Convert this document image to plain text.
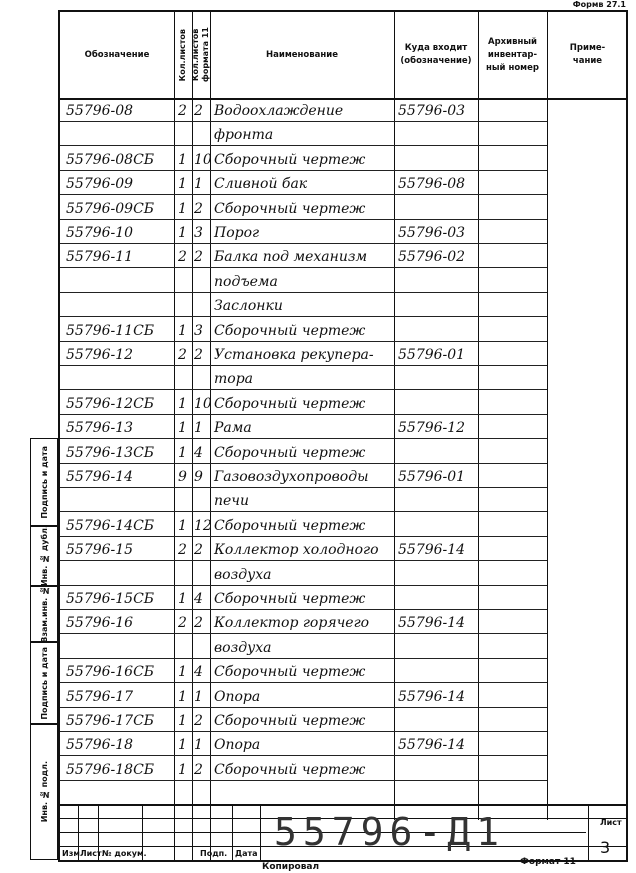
Формв 27.1
Подпись и дата
Инв. № дубл.
Взам.инв. №
Подпись и дата
Инв. № подл.
Обозначение	Кол.листов Кол.листов
формата 11
Наименование
Куда входит
(обозначение)
Архивный
инвентар-
ный номер
Приме-
чание
55796-08	2 2 Водоохлаждение	55796-03
фронта
55796-08СБ 1 10 Сборочный чертеж
55796-09	1 1 Сливной бак	55796-08
55796-09СБ 1 2 Сборочный чертеж
55796-10	1 3 Порог	55796-03
55796-11	2 2 Балка под механизм 55796-02
подъема
Заслонки
55796-11СБ 1 3 Сборочный чертеж
55796-12	2 2 Установка рекупера- 55796-01
тора
55796-12СБ 1 10 Сборочный чертеж
55796-13	1 1 Рама	55796-12
55796-13СБ 1 4 Сборочный чертеж
55796-14	9 9 Газовоздухопроводы 55796-01
печи
55796-14СБ 1 12 Сборочный чертеж
55796-15	2 2 Коллектор холодного 55796-14
воздуха
55796-15СБ 1 4 Сборочный чертеж
55796-16	2 2 Коллектор горячего 55796-14
воздуха
55796-16СБ 1 4 Сборочный чертеж
55796-17	1 1 Опора	55796-14
55796-17СБ 1 2 Сборочный чертеж
55796-18	1 1 Опора	55796-14
55796-18СБ 1 2 Сборочный чертеж
Изм Лист № докум.	Подп. Дата 55796-Д1	Лист
3
Копировал	Формат 11
